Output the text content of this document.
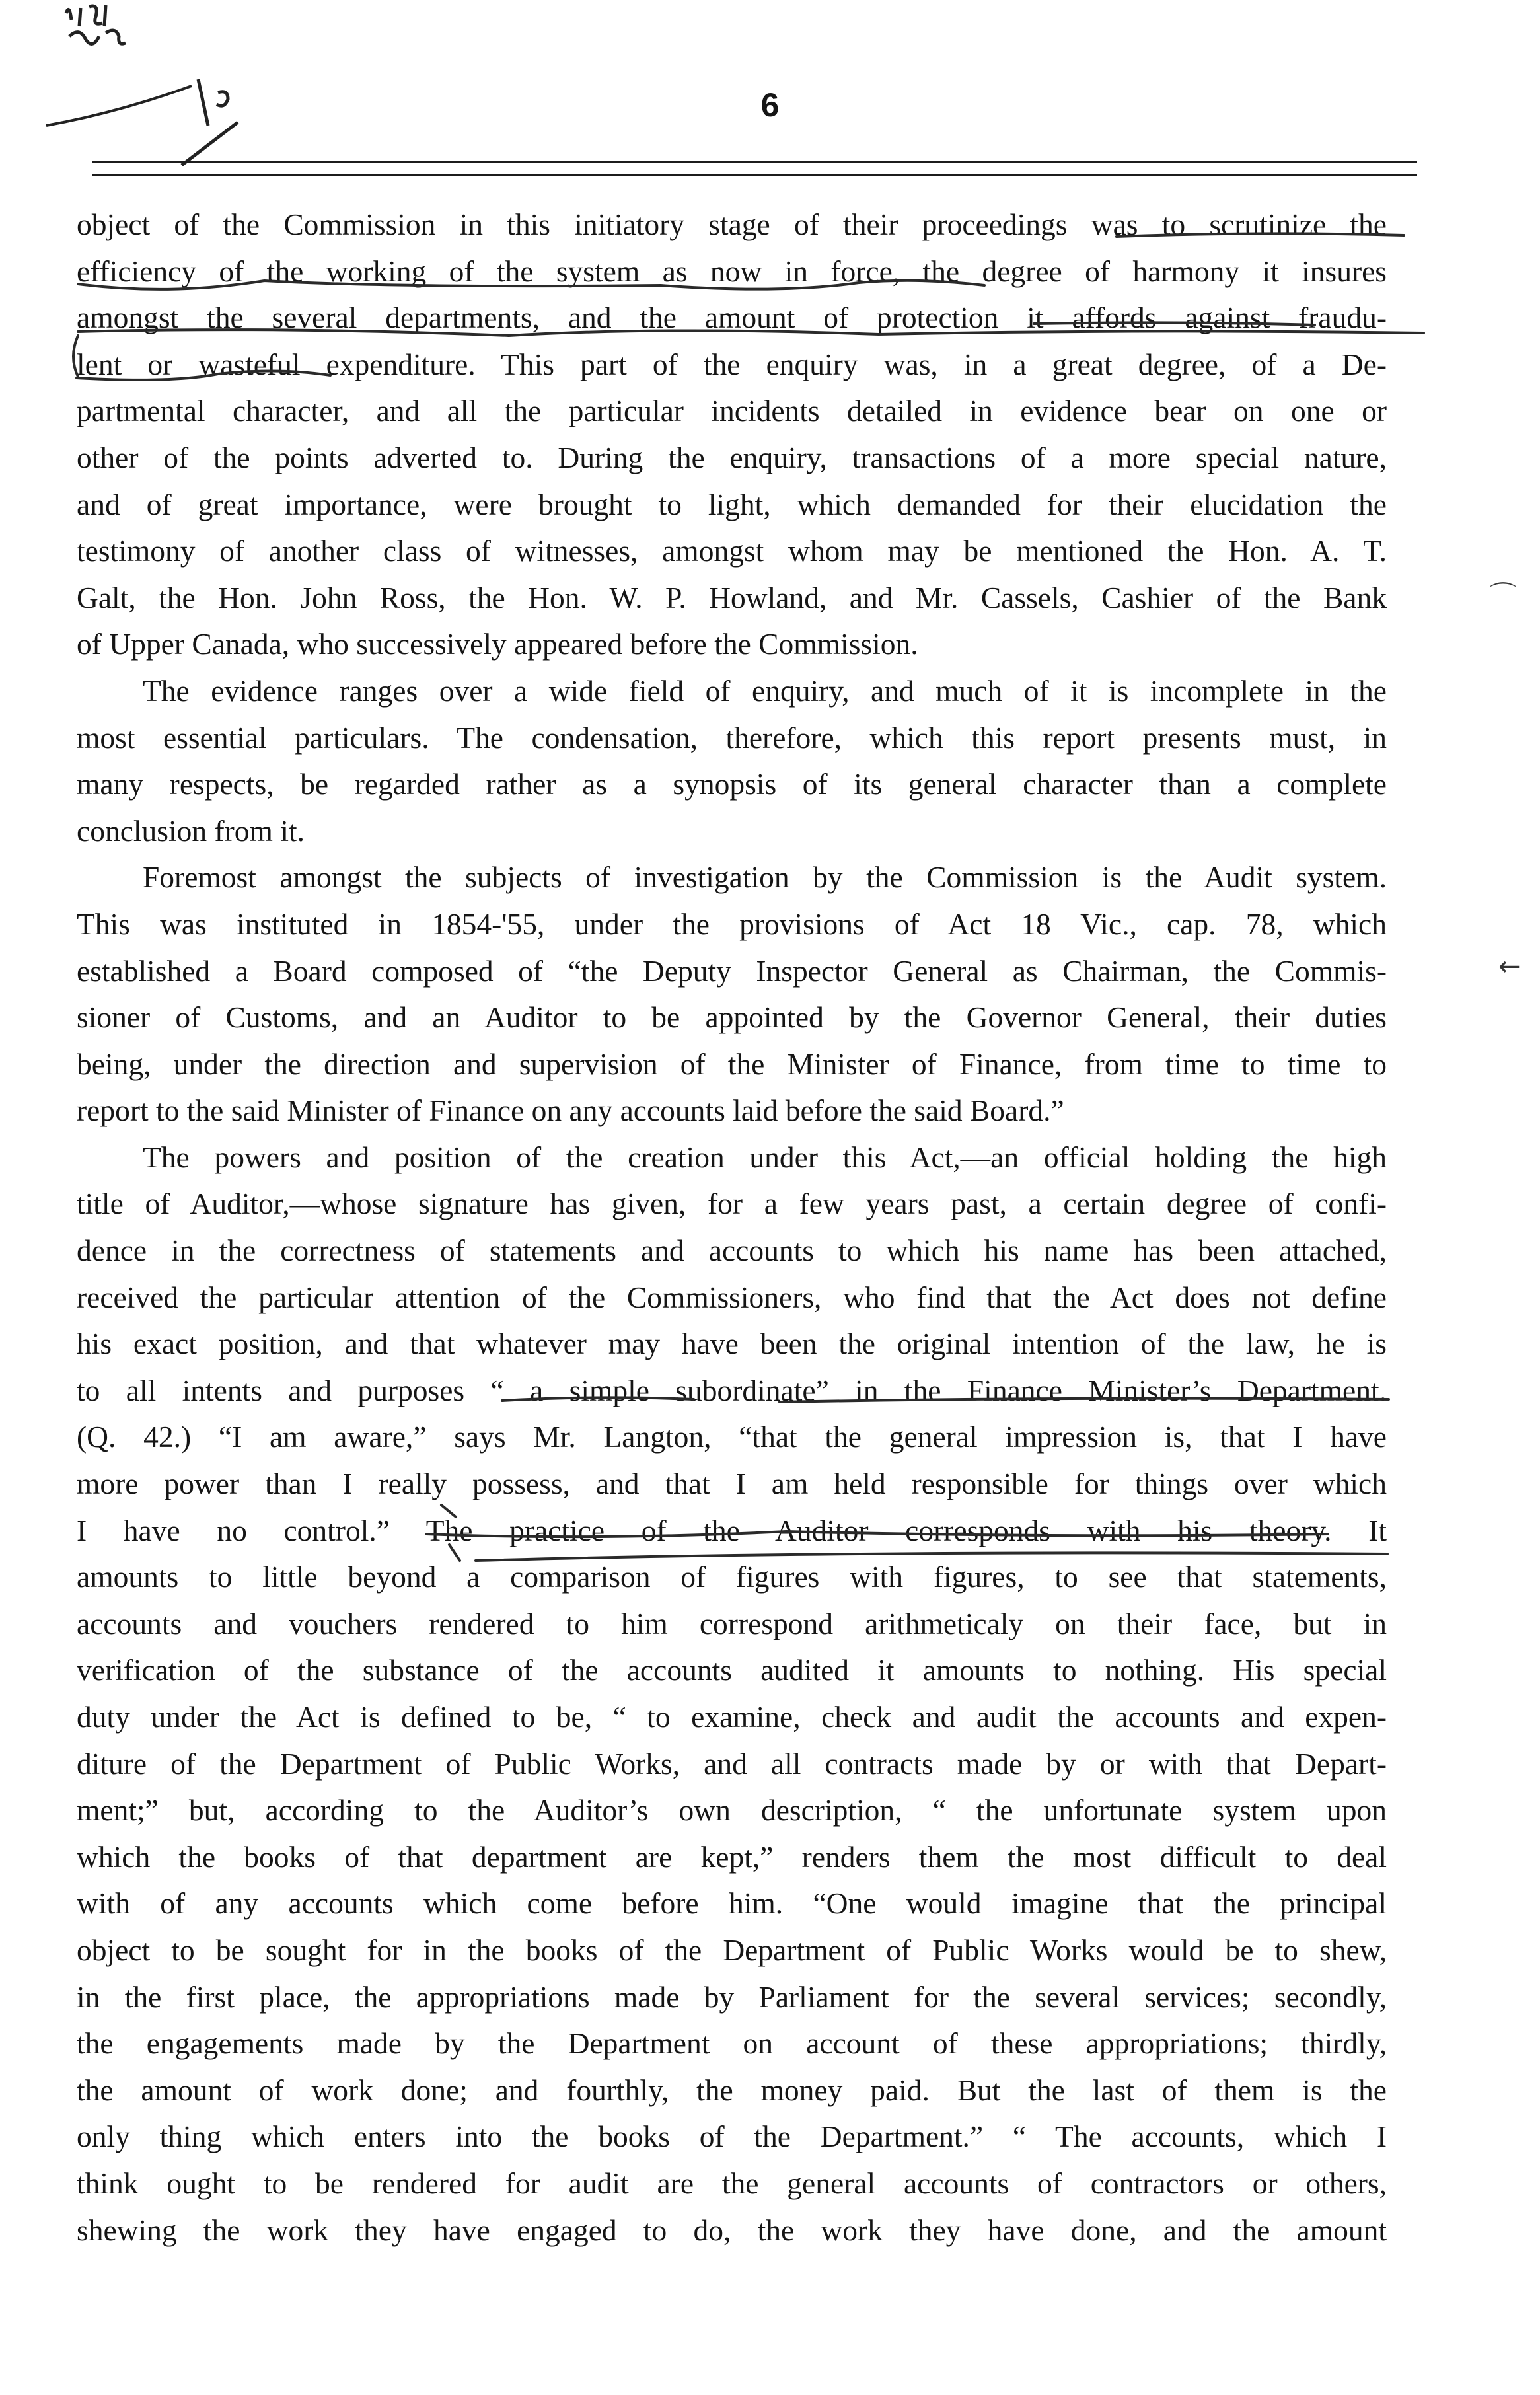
6
object of the Commission in this initiatory stage of their proceedings was to scrutinize the
efficiency of the working of the system as now in force, the degree of harmony it insures
amongst the several departments, and the amount of protection it affords against fraudu-
lent or wasteful expenditure. This part of the enquiry was, in a great degree, of a De-
partmental character, and all the particular incidents detailed in evidence bear on one or
other of the points adverted to. During the enquiry, transactions of a more special nature,
and of great importance, were brought to light, which demanded for their elucidation the
testimony of another class of witnesses, amongst whom may be mentioned the Hon. A. T.
Galt, the Hon. John Ross, the Hon. W. P. Howland, and Mr. Cassels, Cashier of the Bank
of Upper Canada, who successively appeared before the Commission.
The evidence ranges over a wide field of enquiry, and much of it is incomplete in the
most essential particulars. The condensation, therefore, which this report presents must, in
many respects, be regarded rather as a synopsis of its general character than a complete
conclusion from it.
Foremost amongst the subjects of investigation by the Commission is the Audit system.
This was instituted in 1854-'55, under the provisions of Act 18 Vic., cap. 78, which
established a Board composed of “the Deputy Inspector General as Chairman, the Commis-
sioner of Customs, and an Auditor to be appointed by the Governor General, their duties
being, under the direction and supervision of the Minister of Finance, from time to time to
report to the said Minister of Finance on any accounts laid before the said Board.”
The powers and position of the creation under this Act,—an official holding the high
title of Auditor,—whose signature has given, for a few years past, a certain degree of confi-
dence in the correctness of statements and accounts to which his name has been attached,
received the particular attention of the Commissioners, who find that the Act does not define
his exact position, and that whatever may have been the original intention of the law, he is
to all intents and purposes “ a simple subordinate” in the Finance Minister’s Department.
(Q. 42.) “I am aware,” says Mr. Langton, “that the general impression is, that I have
more power than I really possess, and that I am held responsible for things over which
I have no control.” The practice of the Auditor corresponds with his theory. It
amounts to little beyond a comparison of figures with figures, to see that statements,
accounts and vouchers rendered to him correspond arithmeticaly on their face, but in
verification of the substance of the accounts audited it amounts to nothing. His special
duty under the Act is defined to be, “ to examine, check and audit the accounts and expen-
diture of the Department of Public Works, and all contracts made by or with that Depart-
ment;” but, according to the Auditor’s own description, “ the unfortunate system upon
which the books of that department are kept,” renders them the most difficult to deal
with of any accounts which come before him. “One would imagine that the principal
object to be sought for in the books of the Department of Public Works would be to shew,
in the first place, the appropriations made by Parliament for the several services; secondly,
the engagements made by the Department on account of these appropriations; thirdly,
the amount of work done; and fourthly, the money paid. But the last of them is the
only thing which enters into the books of the Department.” “ The accounts, which I
think ought to be rendered for audit are the general accounts of contractors or others,
shewing the work they have engaged to do, the work they have done, and the amount
⌒
←
